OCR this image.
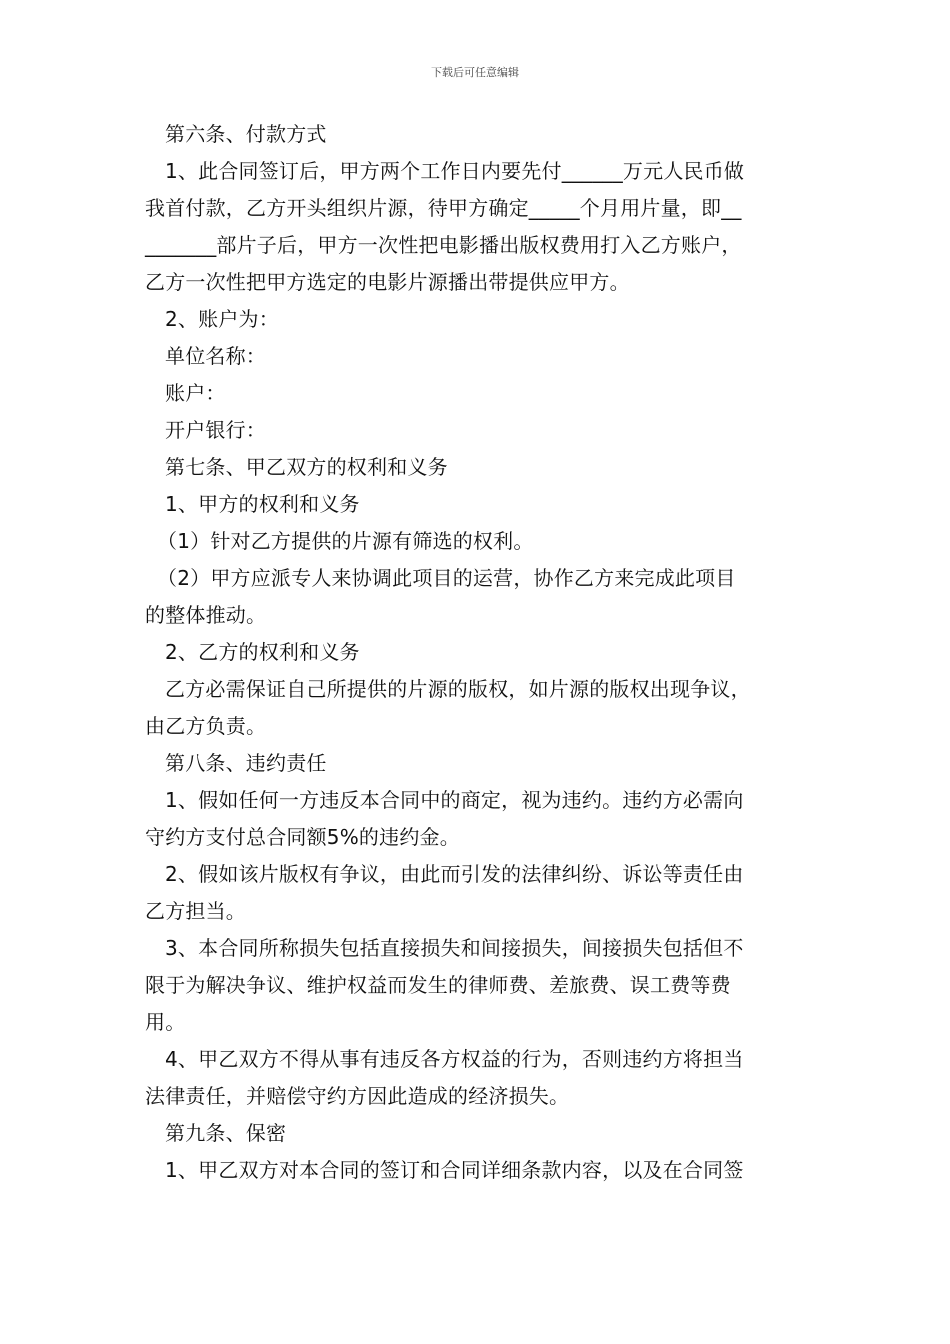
下载后可任意编辑
第六条、付款方式
1、此合同签订后，甲方两个工作日内要先付______万元人民币做
我首付款，乙方开头组织片源，待甲方确定_____个月用片量，即__
_______部片子后，甲方一次性把电影播出版权费用打入乙方账户，
乙方一次性把甲方选定的电影片源播出带提供应甲方。
2、账户为：
单位名称：
账户：
开户银行：
第七条、甲乙双方的权利和义务
1、甲方的权利和义务
（1）针对乙方提供的片源有筛选的权利。
（2）甲方应派专人来协调此项目的运营，协作乙方来完成此项目
的整体推动。
2、乙方的权利和义务
乙方必需保证自己所提供的片源的版权，如片源的版权出现争议，
由乙方负责。
第八条、违约责任
1、假如任何一方违反本合同中的商定，视为违约。违约方必需向
守约方支付总合同额5%的违约金。
2、假如该片版权有争议，由此而引发的法律纠纷、诉讼等责任由
乙方担当。
3、本合同所称损失包括直接损失和间接损失，间接损失包括但不
限于为解决争议、维护权益而发生的律师费、差旅费、误工费等费
用。
4、甲乙双方不得从事有违反各方权益的行为，否则违约方将担当
法律责任，并赔偿守约方因此造成的经济损失。
第九条、保密
1、甲乙双方对本合同的签订和合同详细条款内容，以及在合同签
